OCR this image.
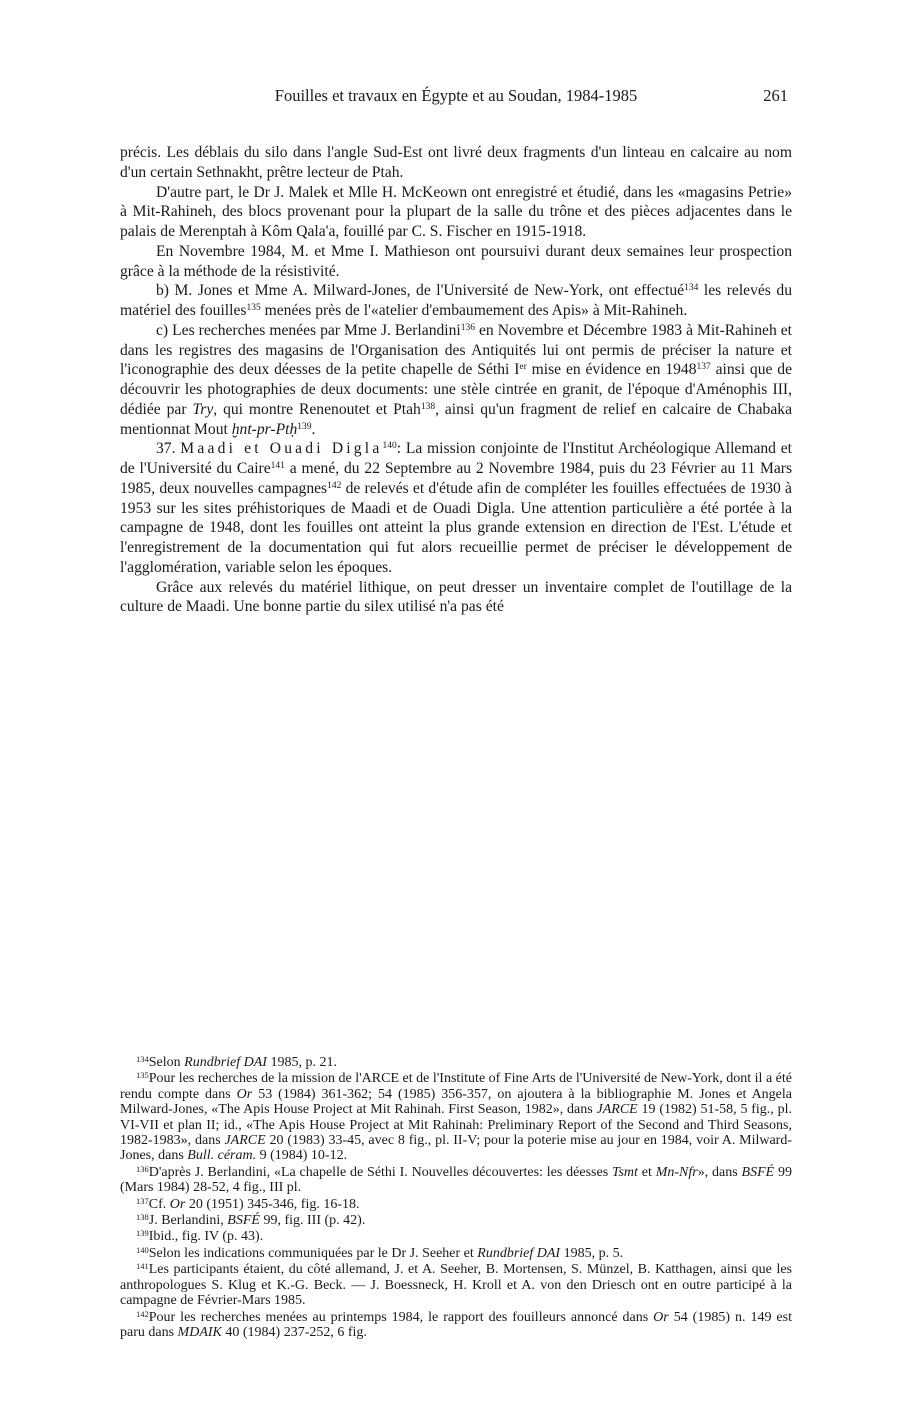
Fouilles et travaux en Égypte et au Soudan, 1984-1985	261

précis. Les déblais du silo dans l'angle Sud-Est ont livré deux fragments d'un linteau en calcaire au nom d'un certain Sethnakht, prêtre lecteur de Ptah.

D'autre part, le Dr J. Malek et Mlle H. McKeown ont enregistré et étudié, dans les «magasins Petrie» à Mit-Rahineh, des blocs provenant pour la plupart de la salle du trône et des pièces adjacentes dans le palais de Merenptah à Kôm Qala'a, fouillé par C. S. Fischer en 1915-1918.

En Novembre 1984, M. et Mme I. Mathieson ont poursuivi durant deux semaines leur prospection grâce à la méthode de la résistivité.

b) M. Jones et Mme A. Milward-Jones, de l'Université de New-York, ont effectué$^{134}$ les relevés du matériel des fouilles$^{135}$ menées près de l'«atelier d'embaumement des Apis» à Mit-Rahineh.

c) Les recherches menées par Mme J. Berlandini$^{136}$ en Novembre et Décembre 1983 à Mit-Rahineh et dans les registres des magasins de l'Organisation des Antiquités lui ont permis de préciser la nature et l'iconographie des deux déesses de la petite chapelle de Séthi Ier mise en évidence en 1948$^{137}$ ainsi que de découvrir les photographies de deux documents: une stèle cintrée en granit, de l'époque d'Aménophis III, dédiée par Try, qui montre Renenoutet et Ptah$^{138}$, ainsi qu'un fragment de relief en calcaire de Chabaka mentionnat Mout ḫnt-pr-Ptḥ$^{139}$.

37. Maadi et Ouadi Digla$^{140}$: La mission conjointe de l'Institut Archéologique Allemand et de l'Université du Caire$^{141}$ a mené, du 22 Septembre au 2 Novembre 1984, puis du 23 Février au 11 Mars 1985, deux nouvelles campagnes$^{142}$ de relevés et d'étude afin de compléter les fouilles effectuées de 1930 à 1953 sur les sites préhistoriques de Maadi et de Ouadi Digla. Une attention particulière a été portée à la campagne de 1948, dont les fouilles ont atteint la plus grande extension en direction de l'Est. L'étude et l'enregistrement de la documentation qui fut alors recueillie permet de préciser le développement de l'agglomération, variable selon les époques.

Grâce aux relevés du matériel lithique, on peut dresser un inventaire complet de l'outillage de la culture de Maadi. Une bonne partie du silex utilisé n'a pas été

$^{134}$Selon Rundbrief DAI 1985, p. 21.

$^{135}$Pour les recherches de la mission de l'ARCE et de l'Institute of Fine Arts de l'Université de New-York, dont il a été rendu compte dans Or 53 (1984) 361-362; 54 (1985) 356-357, on ajoutera à la bibliographie M. Jones et Angela Milward-Jones, «The Apis House Project at Mit Rahinah. First Season, 1982», dans JARCE 19 (1982) 51-58, 5 fig., pl. VI-VII et plan II; id., «The Apis House Project at Mit Rahinah: Preliminary Report of the Second and Third Seasons, 1982-1983», dans JARCE 20 (1983) 33-45, avec 8 fig., pl. II-V; pour la poterie mise au jour en 1984, voir A. Milward-Jones, dans Bull. céram. 9 (1984) 10-12.

$^{136}$D'après J. Berlandini, «La chapelle de Séthi I. Nouvelles découvertes: les déesses Tsmt et Mn-Nfr», dans BSFÉ 99 (Mars 1984) 28-52, 4 fig., III pl.

$^{137}$Cf. Or 20 (1951) 345-346, fig. 16-18.

$^{138}$J. Berlandini, BSFÉ 99, fig. III (p. 42).

$^{139}$Ibid., fig. IV (p. 43).

$^{140}$Selon les indications communiquées par le Dr J. Seeher et Rundbrief DAI 1985, p. 5.

$^{141}$Les participants étaient, du côté allemand, J. et A. Seeher, B. Mortensen, S. Münzel, B. Katthagen, ainsi que les anthropologues S. Klug et K.-G. Beck. — J. Boessneck, H. Kroll et A. von den Driesch ont en outre participé à la campagne de Février-Mars 1985.

$^{142}$Pour les recherches menées au printemps 1984, le rapport des fouilleurs annoncé dans Or 54 (1985) n. 149 est paru dans MDAIK 40 (1984) 237-252, 6 fig.
